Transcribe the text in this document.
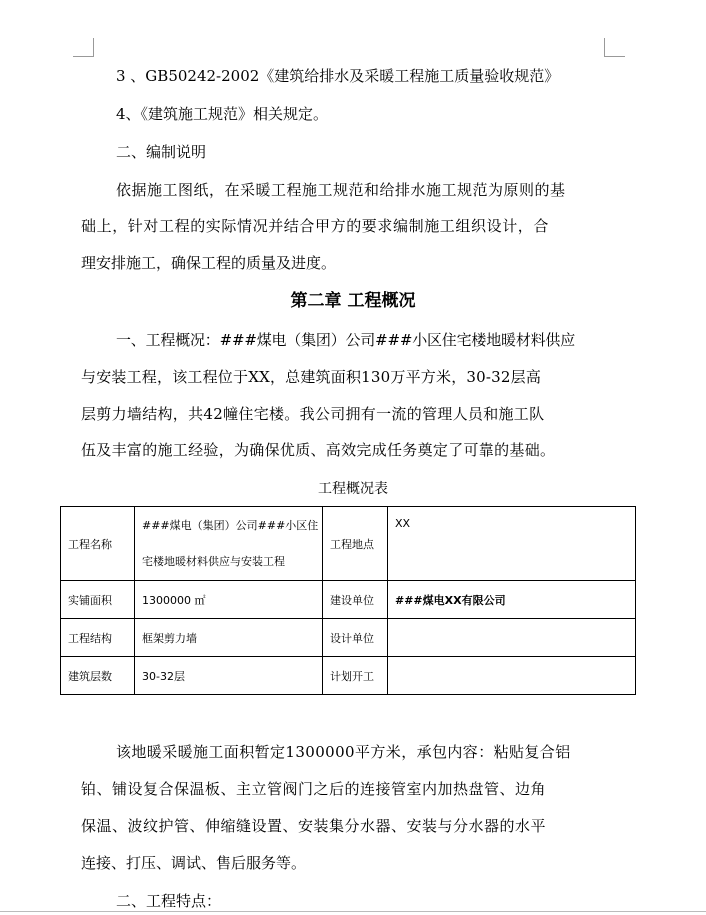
3 、GB50242-2002《建筑给排水及采暖工程施工质量验收规范》
4、《建筑施工规范》相关规定。
二、编制说明
依据施工图纸，在采暖工程施工规范和给排水施工规范为原则的基
础上，针对工程的实际情况并结合甲方的要求编制施工组织设计，合
理安排施工，确保工程的质量及进度。
第二章 工程概况
一、工程概况：###煤电（集团）公司###小区住宅楼地暖材料供应
与安装工程，该工程位于XX，总建筑面积130万平方米，30-32层高
层剪力墙结构，共42幢住宅楼。我公司拥有一流的管理人员和施工队
伍及丰富的施工经验，为确保优质、高效完成任务奠定了可靠的基础。
工程概况表
工程名称	###煤电（集团）公司###小区住
宅楼地暖材料供应与安装工程	工程地点	XX
实铺面积	1300000 ㎡	建设单位	###煤电XX有限公司
工程结构	框架剪力墙	设计单位	
建筑层数	30-32层	计划开工	
该地暖采暖施工面积暂定1300000平方米，承包内容：粘贴复合铝
铂、铺设复合保温板、主立管阀门之后的连接管室内加热盘管、边角
保温、波纹护管、伸缩缝设置、安装集分水器、安装与分水器的水平
连接、打压、调试、售后服务等。
二、工程特点：
